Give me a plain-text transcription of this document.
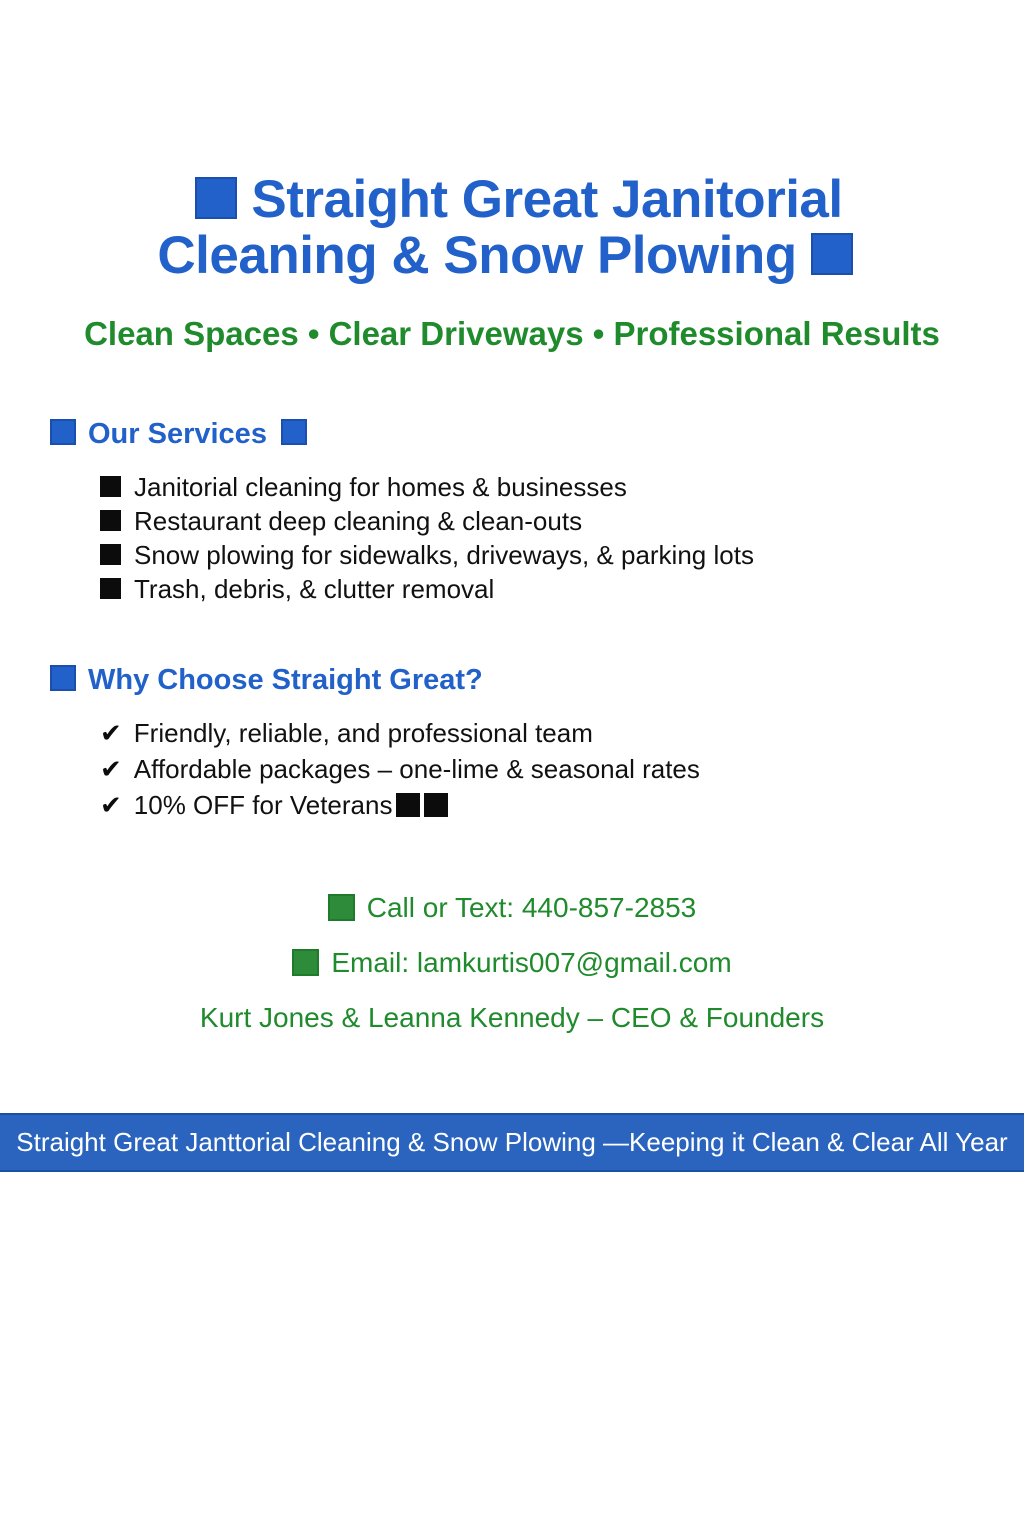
Straight Great Janitorial
Cleaning & Snow Plowing
Clean Spaces • Clear Driveways • Professional Results
Our Services
Janitorial cleaning for homes & businesses
Restaurant deep cleaning & clean-outs
Snow plowing for sidewalks, driveways, & parking lots
Trash, debris, & clutter removal
Why Choose Straight Great?
✔ Friendly, reliable, and professional team
✔ Affordable packages – one-lime & seasonal rates
✔ 10% OFF for Veterans
Call or Text: 440-857-2853
Email: lamkurtis007@gmail.com
Kurt Jones & Leanna Kennedy – CEO & Founders
Straight Great Janttorial Cleaning & Snow Plowing —Keeping it Clean & Clear All Year
